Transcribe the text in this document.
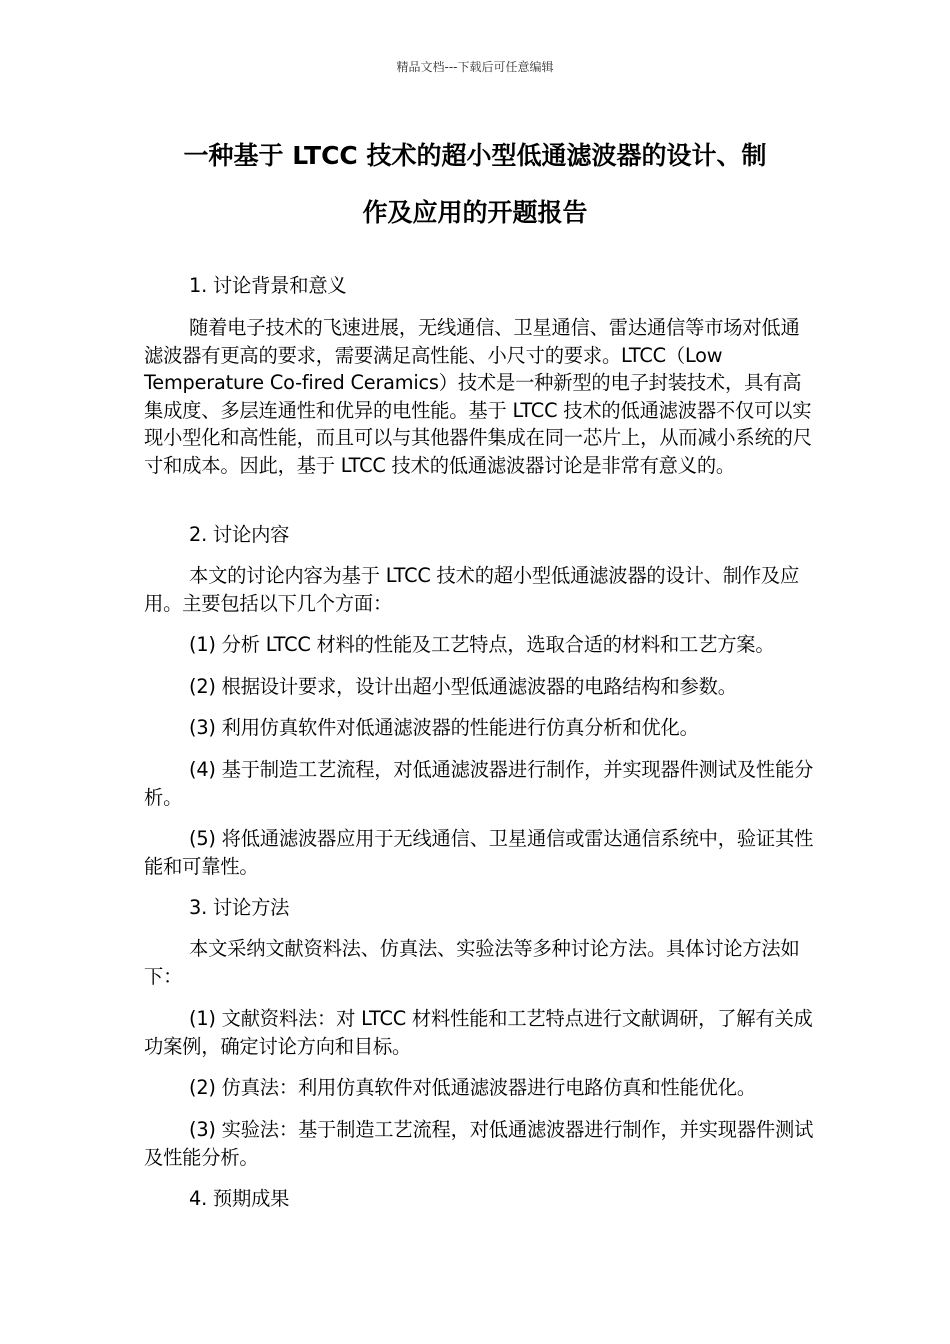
精品文档---下载后可任意编辑
一种基于 LTCC 技术的超小型低通滤波器的设计、制
作及应用的开题报告
1. 讨论背景和意义
随着电子技术的飞速进展，无线通信、卫星通信、雷达通信等市场对低通滤波器有更高的要求，需要满足高性能、小尺寸的要求。LTCC（Low Temperature Co-fired Ceramics）技术是一种新型的电子封装技术，具有高集成度、多层连通性和优异的电性能。基于 LTCC 技术的低通滤波器不仅可以实现小型化和高性能，而且可以与其他器件集成在同一芯片上，从而减小系统的尺寸和成本。因此，基于 LTCC 技术的低通滤波器讨论是非常有意义的。
2. 讨论内容
本文的讨论内容为基于 LTCC 技术的超小型低通滤波器的设计、制作及应用。主要包括以下几个方面：
(1) 分析 LTCC 材料的性能及工艺特点，选取合适的材料和工艺方案。
(2) 根据设计要求，设计出超小型低通滤波器的电路结构和参数。
(3) 利用仿真软件对低通滤波器的性能进行仿真分析和优化。
(4) 基于制造工艺流程，对低通滤波器进行制作，并实现器件测试及性能分析。
(5) 将低通滤波器应用于无线通信、卫星通信或雷达通信系统中，验证其性能和可靠性。
3. 讨论方法
本文采纳文献资料法、仿真法、实验法等多种讨论方法。具体讨论方法如下：
(1) 文献资料法：对 LTCC 材料性能和工艺特点进行文献调研，了解有关成功案例，确定讨论方向和目标。
(2) 仿真法：利用仿真软件对低通滤波器进行电路仿真和性能优化。
(3) 实验法：基于制造工艺流程，对低通滤波器进行制作，并实现器件测试及性能分析。
4. 预期成果
